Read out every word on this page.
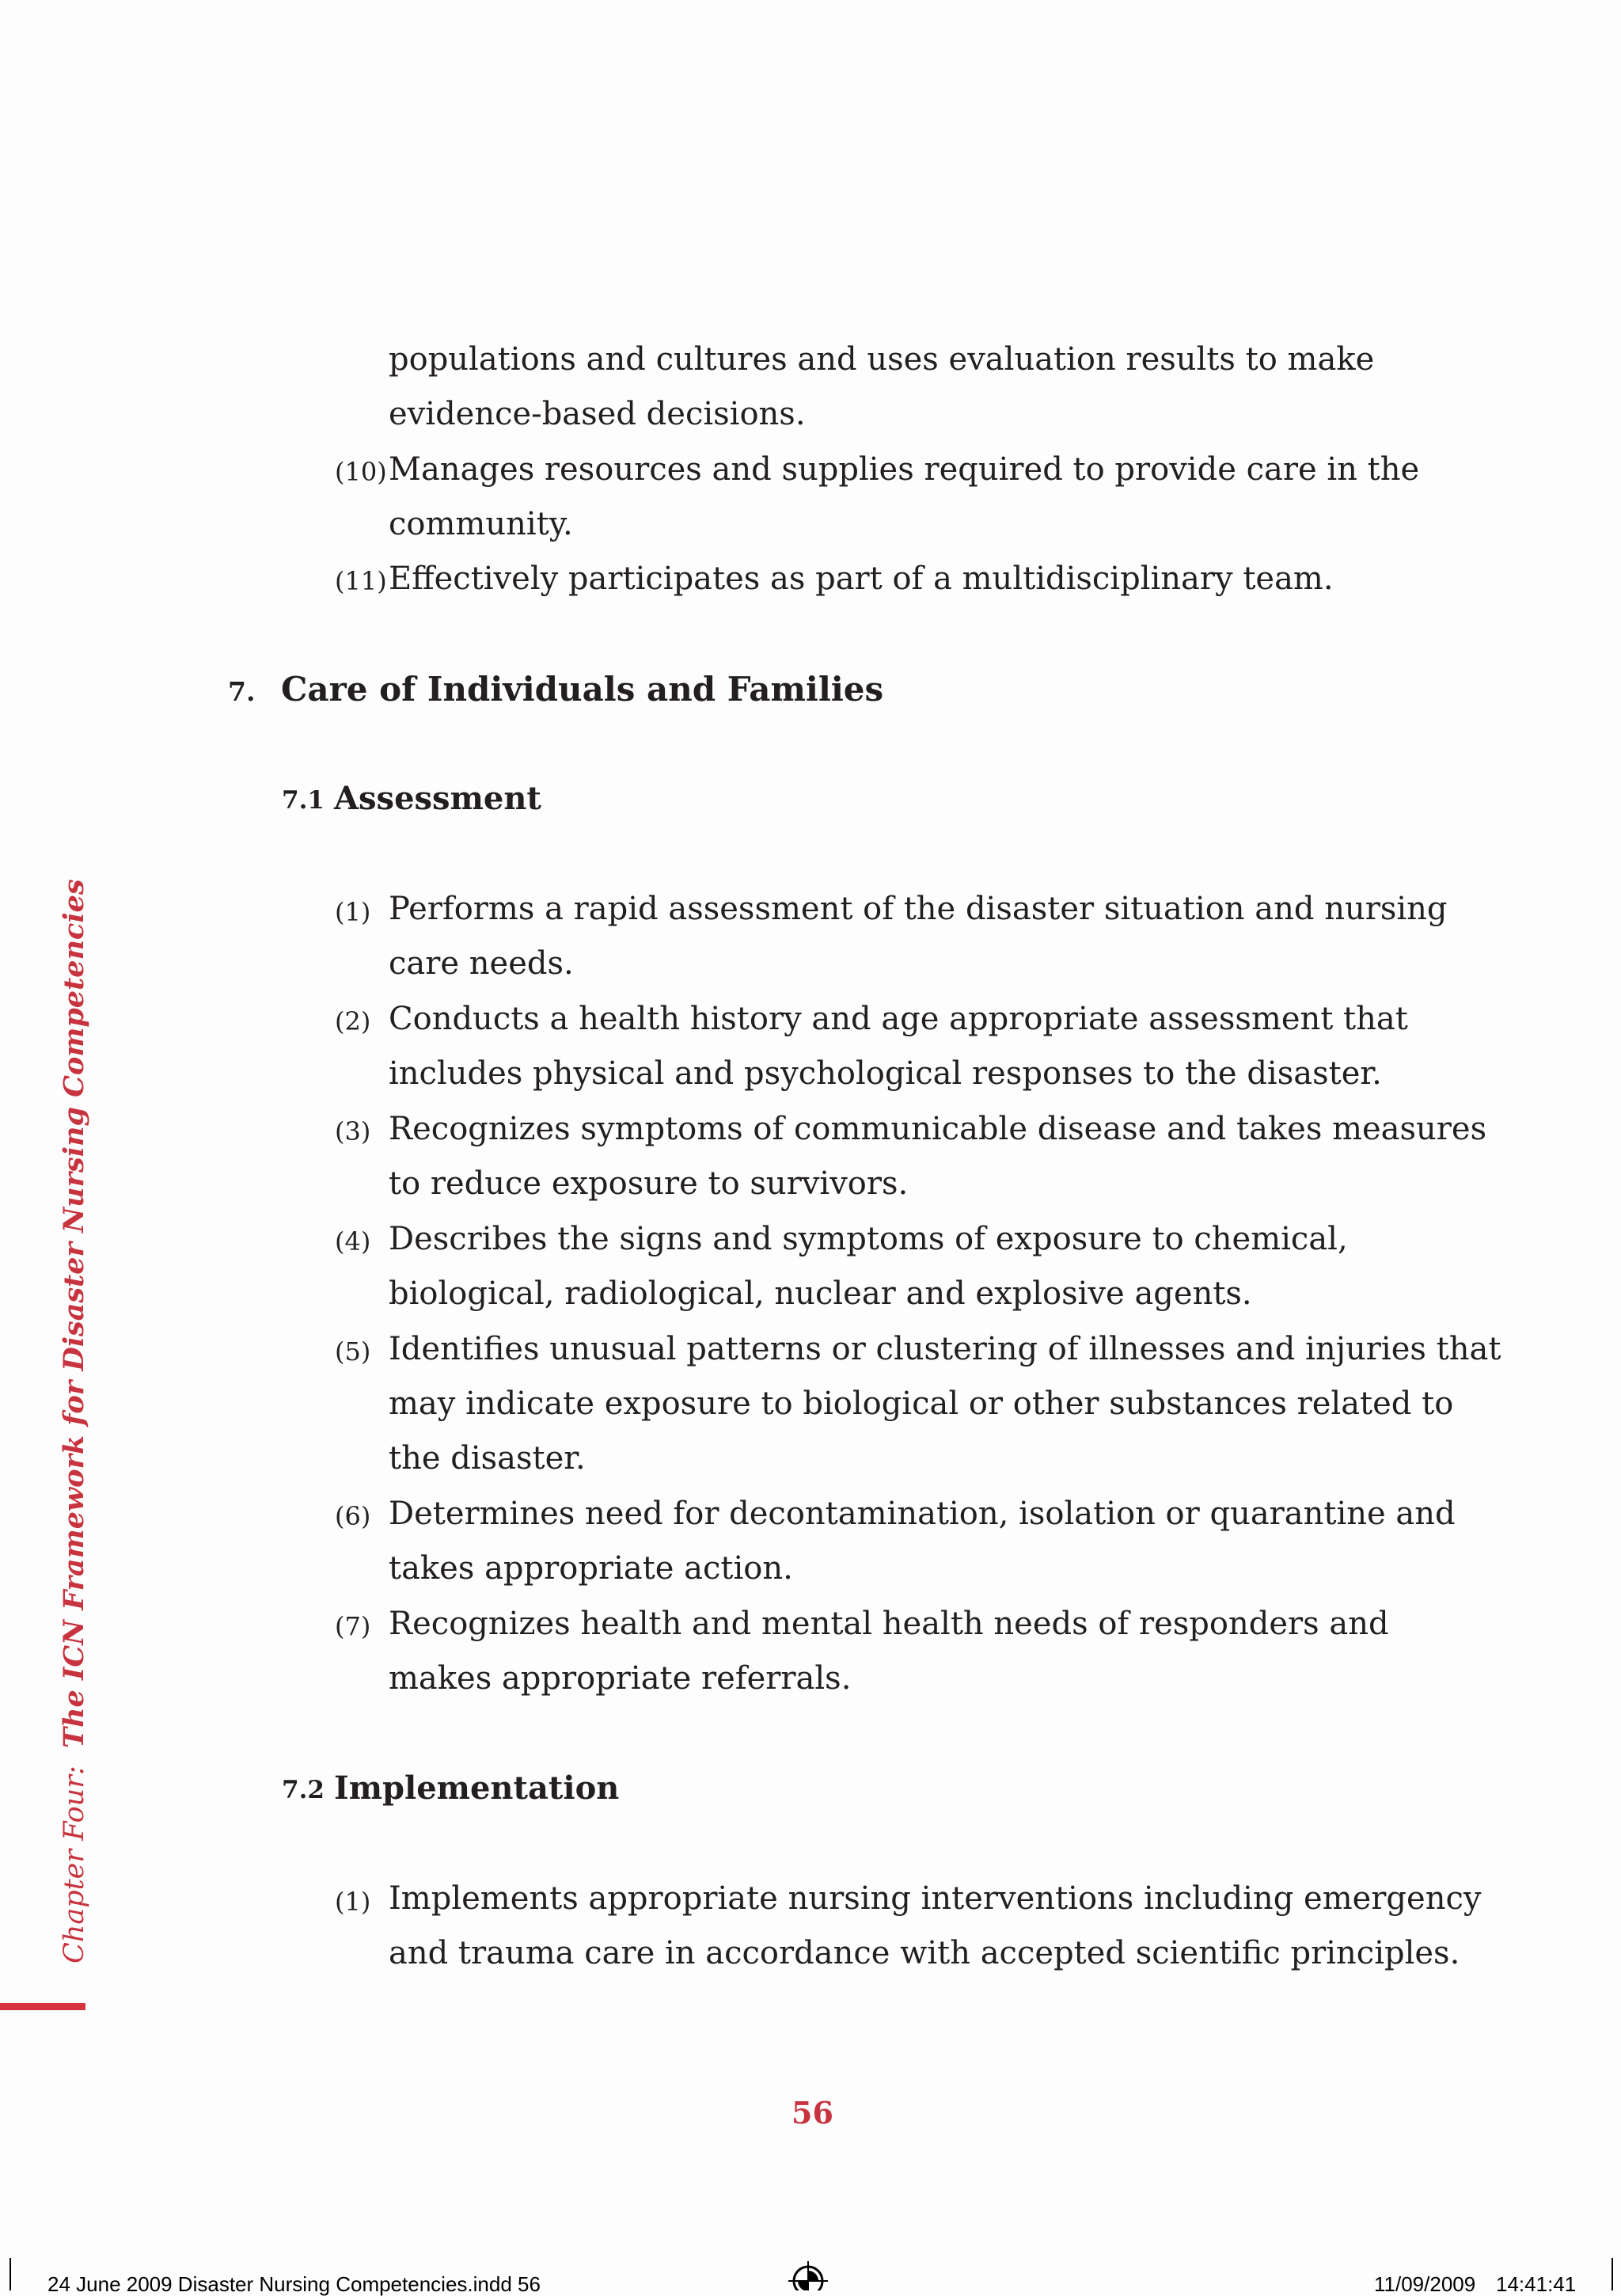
populations and cultures and uses evaluation results to make
evidence-based decisions.
(10) Manages resources and supplies required to provide care in the
community.
(11) Effectively participates as part of a multidisciplinary team.
7. Care of Individuals and Families
7.1 Assessment
(1) Performs a rapid assessment of the disaster situation and nursing
care needs.
(2) Conducts a health history and age appropriate assessment that
includes physical and psychological responses to the disaster.
(3) Recognizes symptoms of communicable disease and takes measures
to reduce exposure to survivors.
(4) Describes the signs and symptoms of exposure to chemical,
biological, radiological, nuclear and explosive agents.
(5) Identifies unusual patterns or clustering of illnesses and injuries that
may indicate exposure to biological or other substances related to
the disaster.
(6) Determines need for decontamination, isolation or quarantine and
takes appropriate action.
(7) Recognizes health and mental health needs of responders and
makes appropriate referrals.
7.2 Implementation
(1) Implements appropriate nursing interventions including emergency
and trauma care in accordance with accepted scientific principles.
Chapter Four:  The ICN Framework for Disaster Nursing Competencies
56
24 June 2009 Disaster Nursing Competencies.indd 56	11/09/2009 14:41:41
